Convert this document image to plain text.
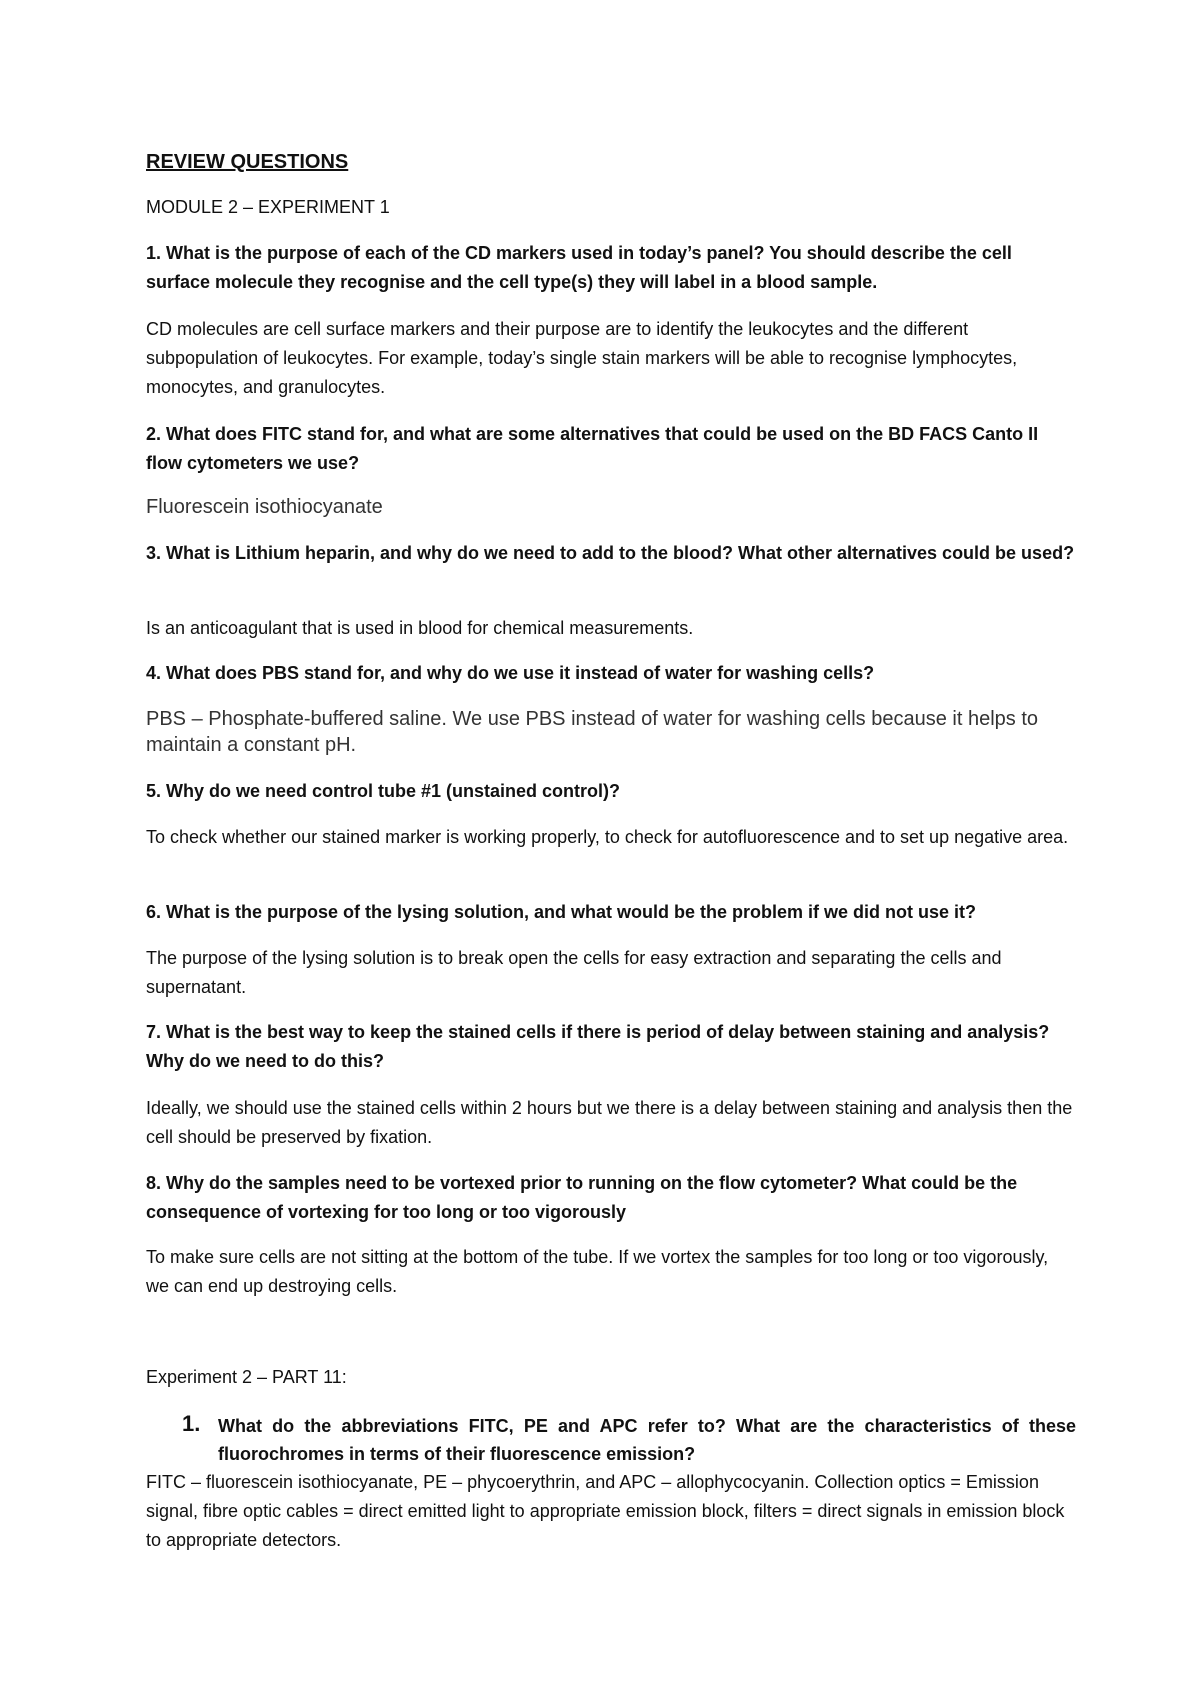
REVIEW QUESTIONS
MODULE 2 – EXPERIMENT 1
1. What is the purpose of each of the CD markers used in today’s panel? You should describe the cell surface molecule they recognise and the cell type(s) they will label in a blood sample.
CD molecules are cell surface markers and their purpose are to identify the leukocytes and the different subpopulation of leukocytes. For example, today’s single stain markers will be able to recognise lymphocytes, monocytes, and granulocytes.
2. What does FITC stand for, and what are some alternatives that could be used on the BD FACS Canto II flow cytometers we use?
Fluorescein isothiocyanate
3. What is Lithium heparin, and why do we need to add to the blood? What other alternatives could be used?
Is an anticoagulant that is used in blood for chemical measurements.
4. What does PBS stand for, and why do we use it instead of water for washing cells?
PBS – Phosphate-buffered saline. We use PBS instead of water for washing cells because it helps to maintain a constant pH.
5. Why do we need control tube #1 (unstained control)?
To check whether our stained marker is working properly, to check for autofluorescence and to set up negative area.
6. What is the purpose of the lysing solution, and what would be the problem if we did not use it?
The purpose of the lysing solution is to break open the cells for easy extraction and separating the cells and supernatant.
7. What is the best way to keep the stained cells if there is period of delay between staining and analysis? Why do we need to do this?
Ideally, we should use the stained cells within 2 hours but we there is a delay between staining and analysis then the cell should be preserved by fixation.
8. Why do the samples need to be vortexed prior to running on the flow cytometer? What could be the consequence of vortexing for too long or too vigorously
To make sure cells are not sitting at the bottom of the tube. If we vortex the samples for too long or too vigorously, we can end up destroying cells.
Experiment 2 – PART 11:
1. What do the abbreviations FITC, PE and APC refer to? What are the characteristics of these fluorochromes in terms of their fluorescence emission?
FITC – fluorescein isothiocyanate, PE – phycoerythrin, and APC – allophycocyanin. Collection optics = Emission signal, fibre optic cables = direct emitted light to appropriate emission block, filters = direct signals in emission block to appropriate detectors.
